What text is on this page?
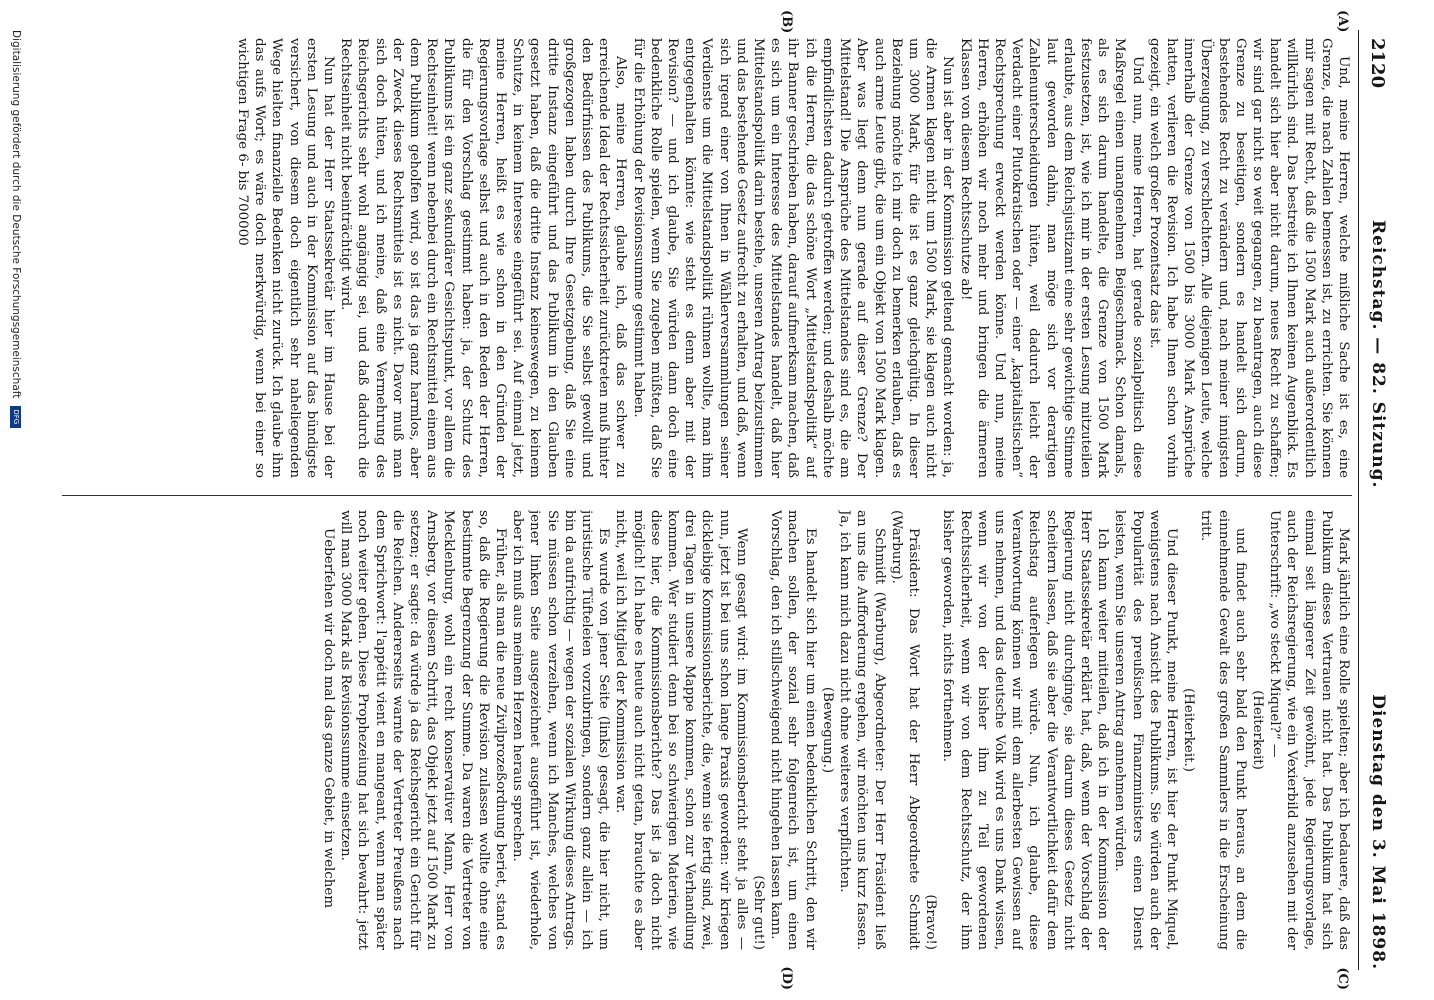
2120
Reichstag. — 82. Sitzung.
Dienstag den 3. Mai 1898.
(A)
(B)
(C)
(D)

Und, meine Herren, welche mißliche Sache ist es, eine Grenze, die nach Zahlen bemessen ist, zu errichten. Sie können mir sagen mit Recht, daß die 1500 Mark auch außerordentlich willkürlich sind. Das bestreite ich Ihnen keinen Augenblick. Es handelt sich hier aber nicht darum, neues Recht zu schaffen; wir sind gar nicht so weit gegangen, zu beantragen, auch diese Grenze zu beseitigen, sondern es handelt sich darum, bestehendes Recht zu verändern und, nach meiner innigsten Überzeugung, zu verschlechtern. Alle diejenigen Leute, welche innerhalb der Grenze von 1500 bis 3000 Mark Ansprüche hatten, verlieren die Revision. Ich habe Ihnen schon vorhin gezeigt, ein welch großer Prozentsatz das ist.

Und nun, meine Herren, hat gerade sozialpolitisch diese Maßregel einen unangenehmen Beigeschmack. Schon damals, als es sich darum handelte, die Grenze von 1500 Mark festzusetzen, ist, wie ich mir in der ersten Lesung mitzuteilen erlaubte, aus dem Reichsjustizamt eine sehr gewichtige Stimme laut geworden dahin, man möge sich vor derartigen Zahlenunterscheidungen hüten, weil dadurch leicht der Verdacht einer Plutokratischen oder — einer „kapitalistischen“ Rechtsprechung erweckt werden könne. Und nun, meine Herren, erhöhen wir noch mehr und bringen die ärmeren Klassen von diesem Rechtsschutze ab!

Nun ist aber in der Kommission geltend gemacht worden: ja, die Armen klagen nicht um 1500 Mark, sie klagen auch nicht um 3000 Mark, für die ist es ganz gleichgültig. In dieser Beziehung möchte ich mir doch zu bemerken erlauben, daß es auch arme Leute gibt, die um ein Objekt von 1500 Mark klagen. Aber was liegt denn nun gerade auf dieser Grenze? Der Mittelstand! Die Ansprüche des Mittelstandes sind es, die am empfindlichsten dadurch getroffen werden; und deshalb möchte ich die Herren, die das schöne Wort „Mittelstandspolitik“ auf ihr Banner geschrieben haben, darauf aufmerksam machen, daß es sich um ein Interesse des Mittelstandes handelt, daß hier Mittelstandspolitik darin bestehe, unseren Antrag beizustimmen und das bestehende Gesetz aufrecht zu erhalten, und daß, wenn sich irgend einer von Ihnen in Wählerversammlungen seiner Verdienste um die Mittelstandspolitik rühmen wollte, man ihm entgegenhalten könnte: wie steht es denn aber mit der Revision? — und ich glaube, Sie würden dann doch eine bedenkliche Rolle spielen, wenn Sie zugeben müßten, daß Sie für die Erhöhung der Revisionssumme gestimmt haben.

Also, meine Herren, glaube ich, daß das schwer zu erreichende Ideal der Rechtssicherheit zurücktreten muß hinter den Bedürfnissen des Publikums, die Sie selbst gewollt und großgezogen haben durch Ihre Gesetzgebung, daß Sie eine dritte Instanz eingeführt und das Publikum in den Glauben gesetzt haben, daß die dritte Instanz keineswegen, zu keinem Schutze, in keinem Interesse eingeführt sei. Auf einmal jetzt, meine Herren, heißt es wie schon in den Gründen der Regierungsvorlage selbst und auch in den Reden der Herren, die für den Vorschlag gestimmt haben: ja, der Schutz des Publikums ist ein ganz sekundärer Gesichtspunkt, vor allem die Rechtseinheit! wenn nebenbei durch ein Rechtsmittel einem aus dem Publikum geholfen wird, so ist das ja ganz harmlos, aber der Zweck dieses Rechtsmittels ist es nicht. Davor muß man sich doch hüten, und ich meine, daß eine Vermehrung des Reichsgerichts sehr wohl angängig sei, und daß dadurch die Rechtseinheit nicht beeinträchtigt wird.

Nun hat der Herr Staatssekretär hier im Hause bei der ersten Lesung und auch in der Kommission auf das bündigste versichert, von diesem doch eigentlich sehr naheliegenden Wege hielten finanzielle Bedenken nicht zurück. Ich glaube ihm das aufs Wort; es wäre doch merkwürdig, wenn bei einer so wichtigen Frage 6- bis 700000

Mark jährlich eine Rolle spielten; aber ich bedauere, daß das Publikum dieses Vertrauen nicht hat. Das Publikum hat sich einmal seit längerer Zeit gewöhnt, jede Regierungsvorlage, auch der Reichsregierung, wie ein Vexierbild anzusehen mit der Unterschrift: „wo steckt Miquel?“ —

(Heiterkeit)

und findet auch sehr bald den Punkt heraus, an dem die einnehmende Gewalt des großen Sammlers in die Erscheinung tritt.

(Heiterkeit.)

Und dieser Punkt, meine Herren, ist hier der Punkt Miquel, wenigstens nach Ansicht des Publikums. Sie würden auch der Popularität des preußischen Finanzministers einen Dienst leisten, wenn Sie unseren Antrag annehmen würden.

Ich kann weiter mitteilen, daß ich in der Kommission der Herr Staatssekretär erklärt hat, daß, wenn der Vorschlag der Regierung nicht durchginge, sie darum dieses Gesetz nicht scheitern lassen, daß sie aber die Verantwortlichkeit dafür dem Reichstag auferlegen würde. Nun, ich glaube, diese Verantwortung können wir mit dem allerbesten Gewissen auf uns nehmen, und das deutsche Volk wird es uns Dank wissen, wenn wir von der bisher ihm zu Teil gewordenen Rechtssicherheit, wenn wir von dem Rechtsschutz, der ihm bisher geworden, nichts fortnehmen.

(Bravo!)

Präsident: Das Wort hat der Herr Abgeordnete Schmidt (Warburg).

Schmidt (Warburg), Abgeordneter: Der Herr Präsident ließ an uns die Aufforderung ergehen, wir möchten uns kurz fassen. Ja, ich kann mich dazu nicht ohne weiteres verpflichten.

(Bewegung.)

Es handelt sich hier um einen bedenklichen Schritt, den wir machen sollen, der sozial sehr folgenreich ist, um einen Vorschlag, den ich stillschweigend nicht hingehen lassen kann.

(Sehr gut!)

Wenn gesagt wird: im Kommissionsbericht steht ja alles — nun, jetzt ist bei uns schon lange Praxis geworden: wir kriegen dickleibige Kommissionsberichte, die, wenn sie fertig sind, zwei, drei Tagen in unsere Mappe kommen, schon zur Verhandlung kommen. Wer studiert denn bei so schwierigen Materien, wie diese hier, die Kommissionsberichte? Das ist ja doch nicht möglich! Ich habe es heute auch nicht getan, brauchte es aber nicht, weil ich Mitglied der Kommission war.

Es wurde von jener Seite (links) gesagt, die hier nicht, um juristische Tüfteleien vorzubringen, sondern ganz allein — ich bin da aufrichtig — wegen der sozialen Wirkung dieses Antrags. Sie müssen schon verzeihen, wenn ich Manches, welches von jener linken Seite ausgezeichnet ausgeführt ist, wiederhole, aber ich muß aus meinem Herzen heraus sprechen.

Früher, als man die neue Zivilprozeßordnung beriet, stand es so, daß die Regierung die Revision zulassen wollte ohne eine bestimmte Begrenzung der Summe. Da waren die Vertreter von Mecklenburg, wohl ein recht konservativer Mann, Herr von Arnsberg, vor diesem Schritt, das Objekt jetzt auf 1500 Mark zu setzen; er sagte: da würde ja das Reichsgericht ein Gericht für die Reichen. Andererseits warnte der Vertreter Preußens nach dem Sprichwort: l'appétit vient en mangeant, wenn man später noch weiter gehen. Diese Prophezeiung hat sich bewahrt: jetzt will man 3000 Mark als Revisionssumme einsetzen.

Ueberfehen wir doch mal das ganze Gebiet, in welchem

Digitalisierung gefördert durch die Deutsche Forschungsgemeinschaft DFG
